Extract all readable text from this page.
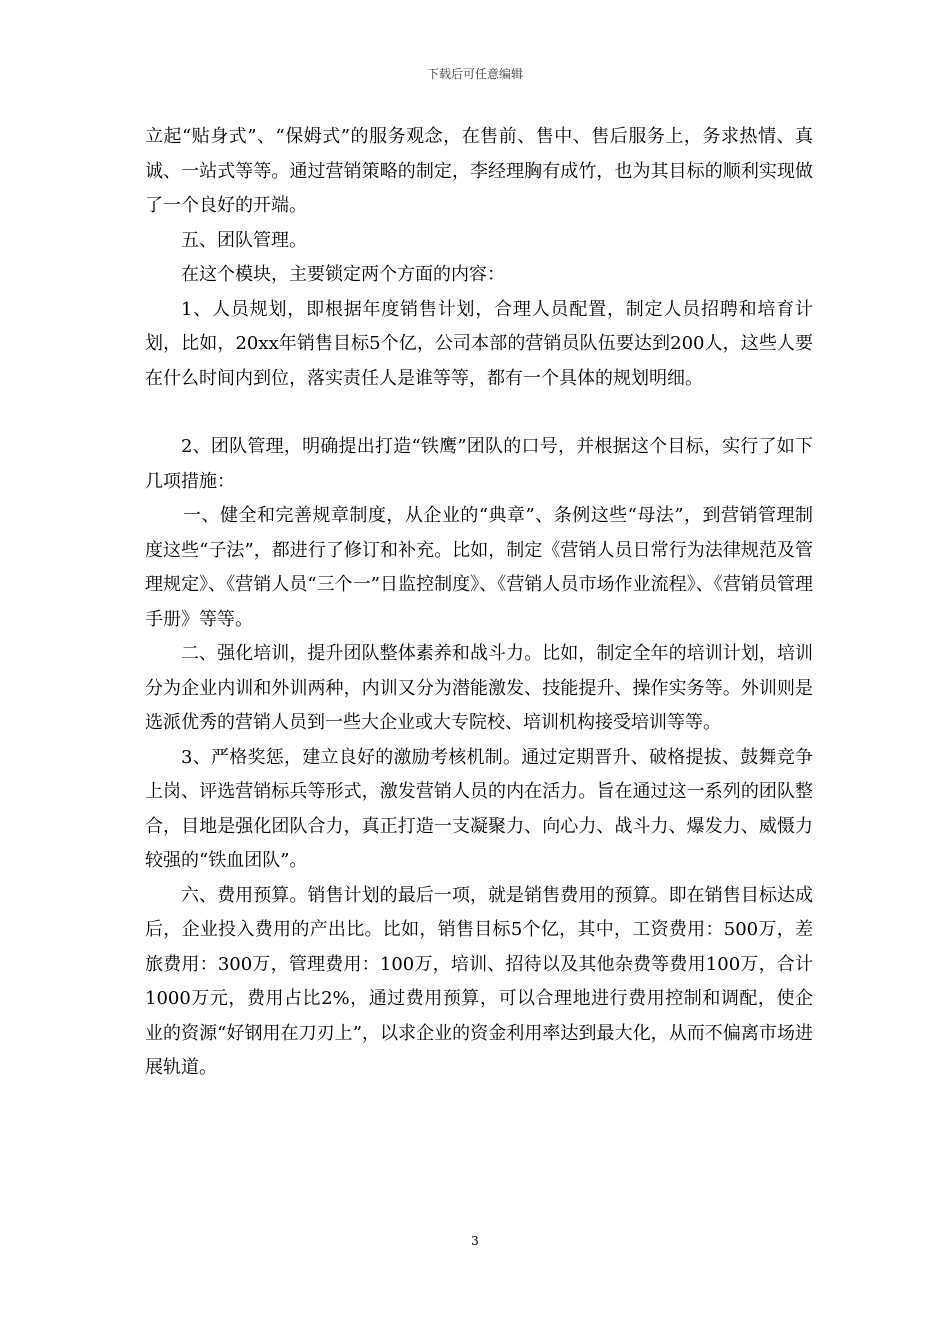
下载后可任意编辑

立起“贴身式”、“保姆式”的服务观念，在售前、售中、售后服务上，务求热情、真诚、一站式等等。通过营销策略的制定，李经理胸有成竹，也为其目标的顺利实现做了一个良好的开端。

五、团队管理。

在这个模块，主要锁定两个方面的内容：

1、人员规划，即根据年度销售计划，合理人员配置，制定人员招聘和培育计划，比如，20xx年销售目标5个亿，公司本部的营销员队伍要达到200人，这些人要在什么时间内到位，落实责任人是谁等等，都有一个具体的规划明细。

2、团队管理，明确提出打造“铁鹰”团队的口号，并根据这个目标，实行了如下几项措施：

一、健全和完善规章制度，从企业的“典章”、条例这些“母法”，到营销管理制度这些“子法”，都进行了修订和补充。比如，制定《营销人员日常行为法律规范及管理规定》、《营销人员“三个一”日监控制度》、《营销人员市场作业流程》、《营销员管理手册》等等。

二、强化培训，提升团队整体素养和战斗力。比如，制定全年的培训计划，培训分为企业内训和外训两种，内训又分为潜能激发、技能提升、操作实务等。外训则是选派优秀的营销人员到一些大企业或大专院校、培训机构接受培训等等。

3、严格奖惩，建立良好的激励考核机制。通过定期晋升、破格提拔、鼓舞竞争上岗、评选营销标兵等形式，激发营销人员的内在活力。旨在通过这一系列的团队整合，目地是强化团队合力，真正打造一支凝聚力、向心力、战斗力、爆发力、威慑力较强的“铁血团队”。

六、费用预算。销售计划的最后一项，就是销售费用的预算。即在销售目标达成后，企业投入费用的产出比。比如，销售目标5个亿，其中，工资费用：500万，差旅费用：300万，管理费用：100万，培训、招待以及其他杂费等费用100万，合计1000万元，费用占比2%，通过费用预算，可以合理地进行费用控制和调配，使企业的资源“好钢用在刀刃上”，以求企业的资金利用率达到最大化，从而不偏离市场进展轨道。

3
